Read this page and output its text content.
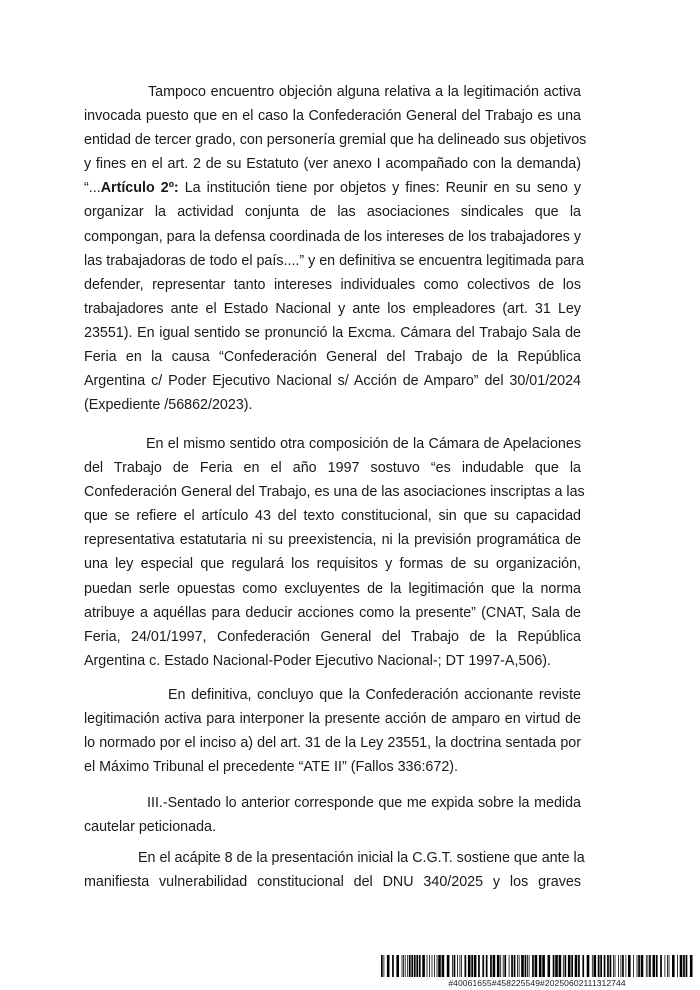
Tampoco encuentro objeción alguna relativa a la legitimación activa
invocada puesto que en el caso la Confederación General del Trabajo es una
entidad de tercer grado, con personería gremial que ha delineado sus objetivos
y fines en el art. 2 de su Estatuto (ver anexo I acompañado con la demanda)
“...Artículo 2º: La institución tiene por objetos y fines: Reunir en su seno y
organizar la actividad conjunta de las asociaciones sindicales que la
compongan, para la defensa coordinada de los intereses de los trabajadores y
las trabajadoras de todo el país....” y en definitiva se encuentra legitimada para
defender, representar tanto intereses individuales como colectivos de los
trabajadores ante el Estado Nacional y ante los empleadores (art. 31 Ley
23551). En igual sentido se pronunció la Excma. Cámara del Trabajo Sala de
Feria en la causa “Confederación General del Trabajo de la República
Argentina c/ Poder Ejecutivo Nacional s/ Acción de Amparo” del 30/01/2024
(Expediente /56862/2023).
En el mismo sentido otra composición de la Cámara de Apelaciones
del Trabajo de Feria en el año 1997 sostuvo “es indudable que la
Confederación General del Trabajo, es una de las asociaciones inscriptas a las
que se refiere el artículo 43 del texto constitucional, sin que su capacidad
representativa estatutaria ni su preexistencia, ni la previsión programática de
una ley especial que regulará los requisitos y formas de su organización,
puedan serle opuestas como excluyentes de la legitimación que la norma
atribuye a aquéllas para deducir acciones como la presente” (CNAT, Sala de
Feria, 24/01/1997, Confederación General del Trabajo de la República
Argentina c. Estado Nacional-Poder Ejecutivo Nacional-; DT 1997-A,506).
En definitiva, concluyo que la Confederación accionante reviste
legitimación activa para interponer la presente acción de amparo en virtud de
lo normado por el inciso a) del art. 31 de la Ley 23551, la doctrina sentada por
el Máximo Tribunal el precedente “ATE II” (Fallos 336:672).
III.-Sentado lo anterior corresponde que me expida sobre la medida
cautelar peticionada.
En el acápite 8 de la presentación inicial la C.G.T. sostiene que ante la
manifiesta vulnerabilidad constitucional del DNU 340/2025 y los graves
#40061655#458225549#20250602111312744
